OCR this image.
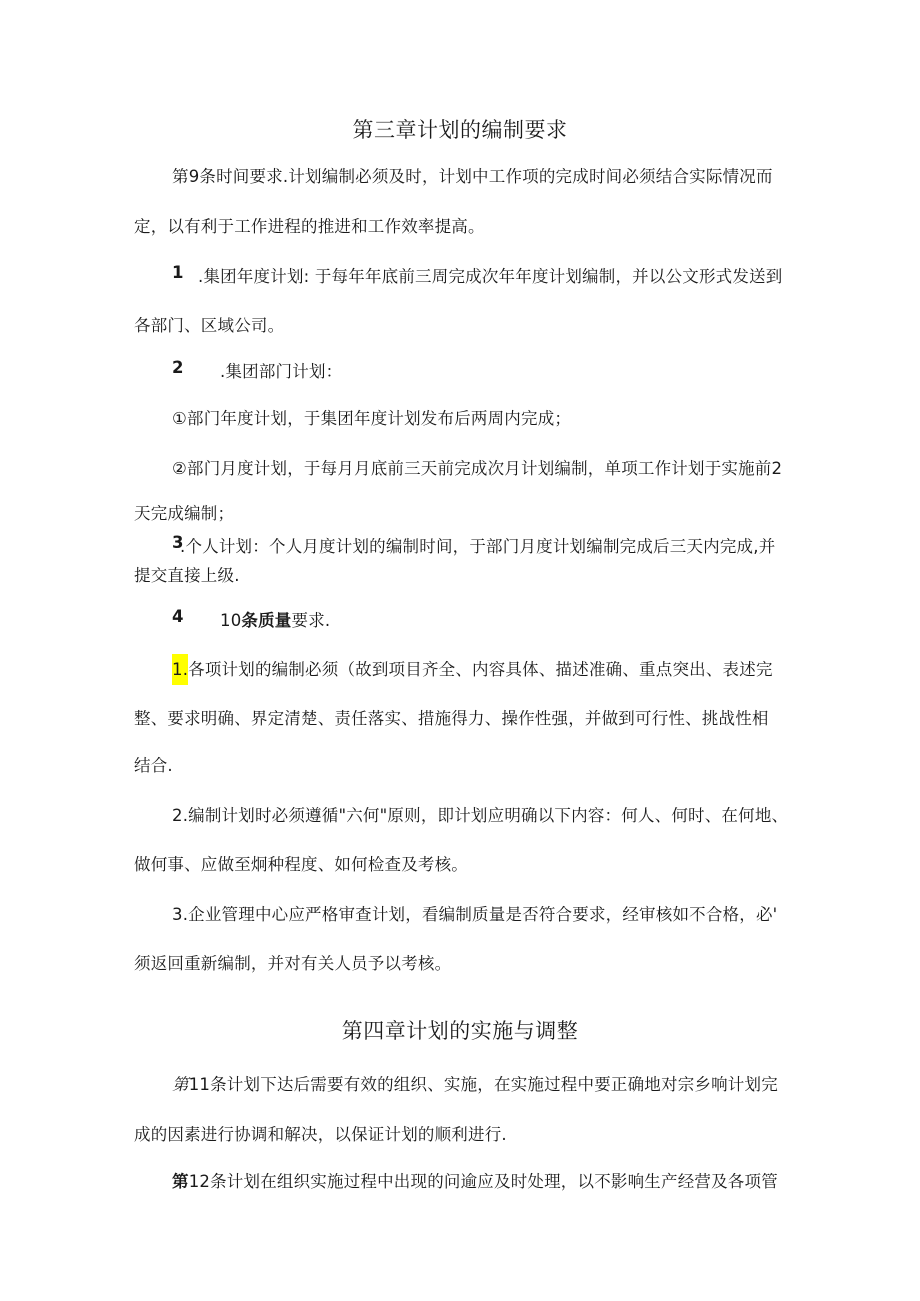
第三章计划的编制要求
第9条时间要求.计划编制必须及时，计划中工作项的完成时间必须结合实际情况而
定，以有利于工作进程的推进和工作效率提高。
1 .集团年度计划: 于每年年底前三周完成次年年度计划编制，并以公文形式发送到
各部门、区域公司。
2 .集团部门计划：
①部门年度计划，于集团年度计划发布后两周内完成；
②部门月度计划，于每月月底前三天前完成次月计划编制，单项工作计划于实施前2
天完成编制；
3
.个人计划：个人月度计划的编制时间，于部门月度计划编制完成后三天内完成,并
提交直接上级.
4 10条质量要求.
1.各项计划的编制必须（故到项目齐全、内容具体、描述准确、重点突出、表述完
整、要求明确、界定清楚、责任落实、措施得力、操作性强，并做到可行性、挑战性相
结合.
2.编制计划时必须遵循"六何"原则，即计划应明确以下内容：何人、何时、在何地、
做何事、应做至炯种程度、如何检查及考核。
3.企业管理中心应严格审查计划，看编制质量是否符合要求，经审核如不合格，必'
须返回重新编制，并对有关人员予以考核。
第四章计划的实施与调整
第11条计划下达后需要有效的组织、实施，在实施过程中要正确地对宗乡响计划完
成的因素进行协调和解决，以保证计划的顺利进行.
第12条计划在组织实施过程中出现的问逾应及时处理，以不影响生产经营及各项管
